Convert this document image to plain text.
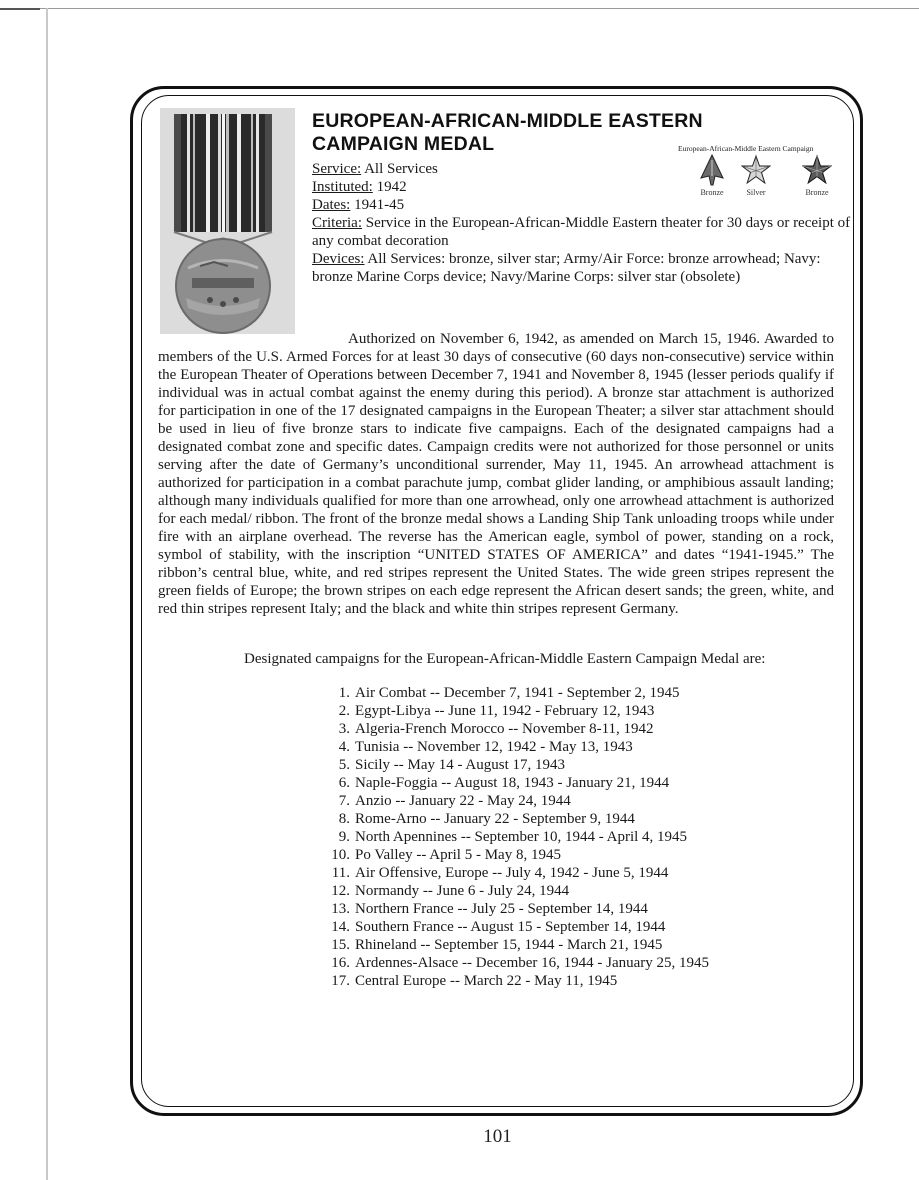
EUROPEAN-AFRICAN-MIDDLE EASTERN CAMPAIGN MEDAL
Service: All Services
Instituted: 1942
Dates: 1941-45
Criteria: Service in the European-African-Middle Eastern theater for 30 days or receipt of any combat decoration
Devices: All Services: bronze, silver star; Army/Air Force: bronze arrowhead; Navy: bronze Marine Corps device; Navy/Marine Corps: silver star (obsolete)
European-African-Middle Eastern Campaign
Bronze	Silver	Bronze

Authorized on November 6, 1942, as amended on March 15, 1946. Awarded to members of the U.S. Armed Forces for at least 30 days of consecutive (60 days non-consecutive) service within the European Theater of Operations between December 7, 1941 and November 8, 1945 (lesser periods qualify if individual was in actual combat against the enemy during this period). A bronze star attachment is authorized for participation in one of the 17 designated campaigns in the European Theater; a silver star attachment should be used in lieu of five bronze stars to indicate five campaigns. Each of the designated campaigns had a designated combat zone and specific dates. Campaign credits were not authorized for those personnel or units serving after the date of Germany’s unconditional surrender, May 11, 1945. An arrowhead attachment is authorized for participation in a combat parachute jump, combat glider landing, or amphibious assault landing; although many individuals qualified for more than one arrowhead, only one arrowhead attachment is authorized for each medal/ ribbon. The front of the bronze medal shows a Landing Ship Tank unloading troops while under fire with an airplane overhead. The reverse has the American eagle, symbol of power, standing on a rock, symbol of stability, with the inscription “UNITED STATES OF AMERICA” and dates “1941-1945.” The ribbon’s central blue, white, and red stripes represent the United States. The wide green stripes represent the green fields of Europe; the brown stripes on each edge represent the African desert sands; the green, white, and red thin stripes represent Italy; and the black and white thin stripes represent Germany.

Designated campaigns for the European-African-Middle Eastern Campaign Medal are:

1. Air Combat -- December 7, 1941 - September 2, 1945
2. Egypt-Libya -- June 11, 1942 - February 12, 1943
3. Algeria-French Morocco -- November 8-11, 1942
4. Tunisia -- November 12, 1942 - May 13, 1943
5. Sicily -- May 14 - August 17, 1943
6. Naple-Foggia -- August 18, 1943 - January 21, 1944
7. Anzio -- January 22 - May 24, 1944
8. Rome-Arno -- January 22 - September 9, 1944
9. North Apennines -- September 10, 1944 - April 4, 1945
10. Po Valley -- April 5 - May 8, 1945
11. Air Offensive, Europe -- July 4, 1942 - June 5, 1944
12. Normandy -- June 6 - July 24, 1944
13. Northern France -- July 25 - September 14, 1944
14. Southern France -- August 15 - September 14, 1944
15. Rhineland -- September 15, 1944 - March 21, 1945
16. Ardennes-Alsace -- December 16, 1944 - January 25, 1945
17. Central Europe -- March 22 - May 11, 1945
101
